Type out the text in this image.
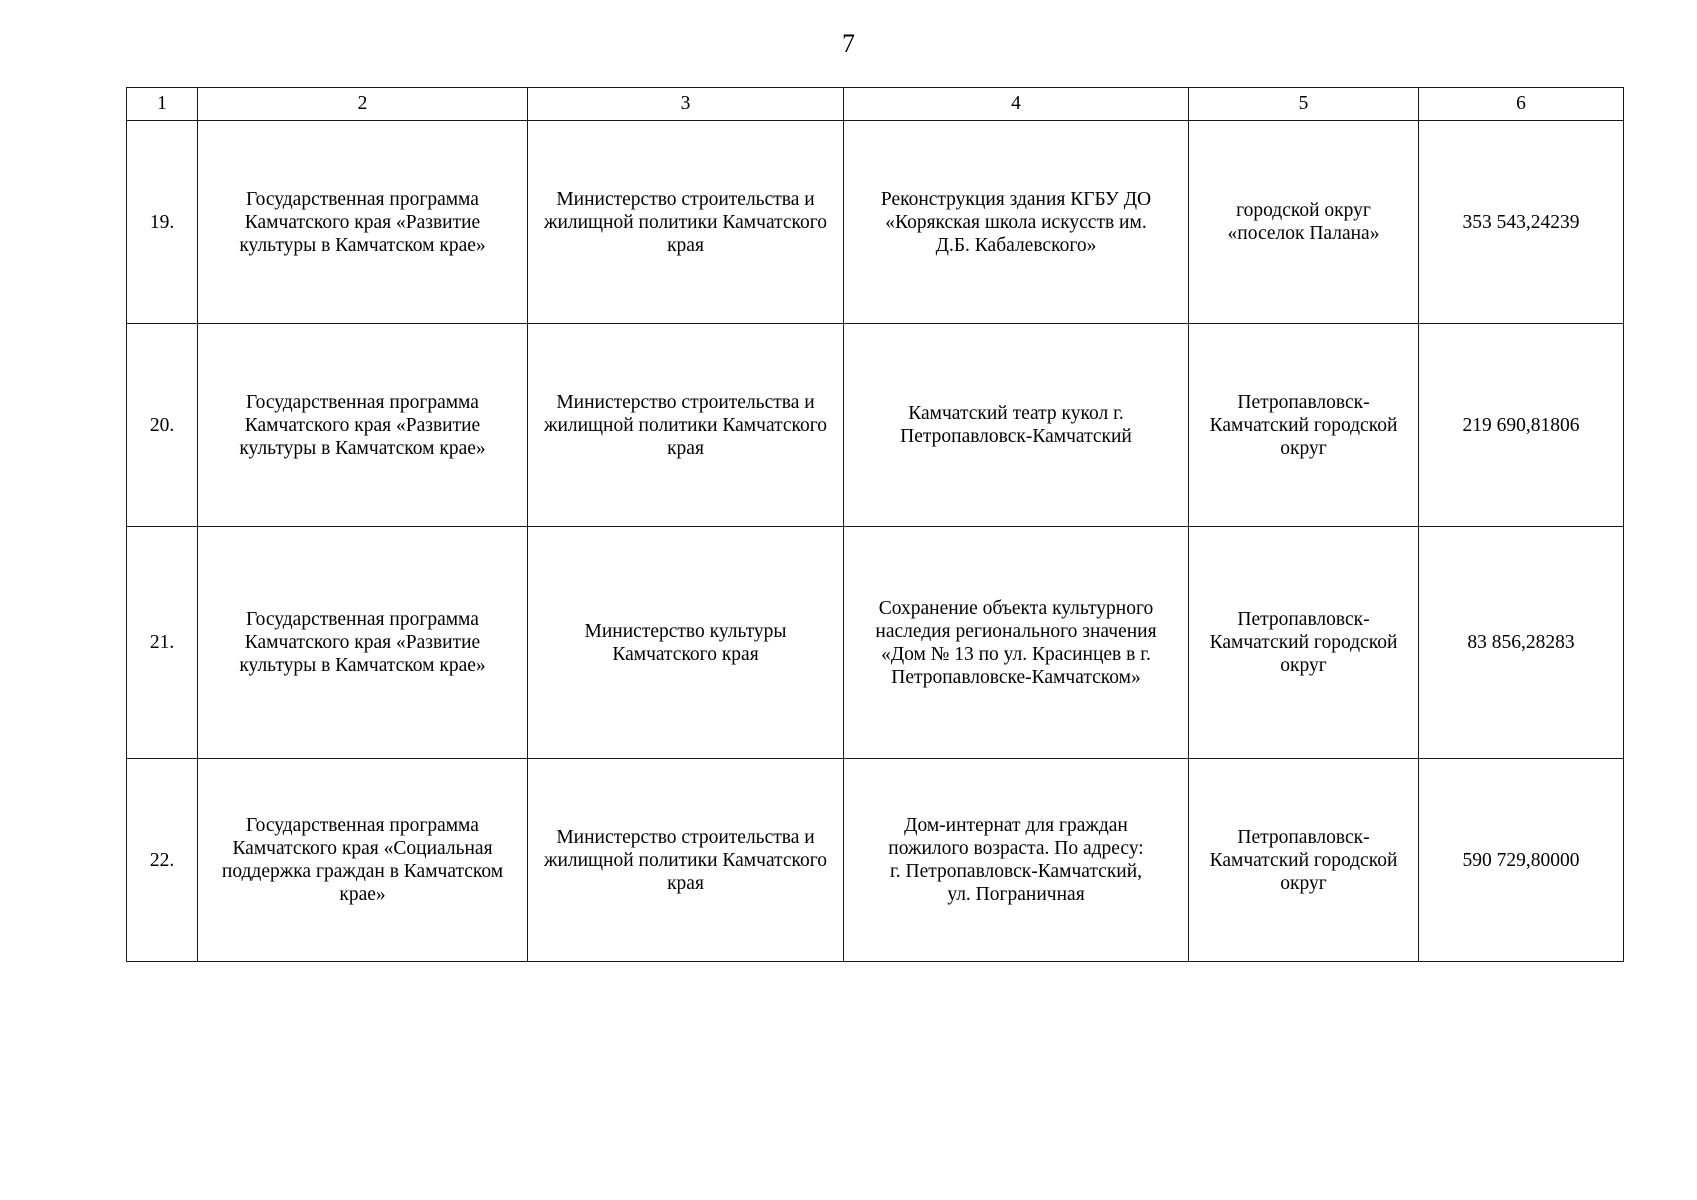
7
1	2	3	4	5	6
19.	Государственная программа Камчатского края «Развитие культуры в Камчатском крае»	Министерство строительства и жилищной политики Камчатского края	Реконструкция здания КГБУ ДО «Корякская школа искусств им. Д.Б. Кабалевского»	городской округ «поселок Палана»	353 543,24239
20.	Государственная программа Камчатского края «Развитие культуры в Камчатском крае»	Министерство строительства и жилищной политики Камчатского края	Камчатский театр кукол г. Петропавловск-Камчатский	Петропавловск-Камчатский городской округ	219 690,81806
21.	Государственная программа Камчатского края «Развитие культуры в Камчатском крае»	Министерство культуры Камчатского края	Сохранение объекта культурного наследия регионального значения «Дом № 13 по ул. Красинцев в г. Петропавловске-Камчатском»	Петропавловск-Камчатский городской округ	83 856,28283
22.	Государственная программа Камчатского края «Социальная поддержка граждан в Камчатском крае»	Министерство строительства и жилищной политики Камчатского края	Дом-интернат для граждан пожилого возраста. По адресу: г. Петропавловск-Камчатский, ул. Пограничная	Петропавловск-Камчатский городской округ	590 729,80000
